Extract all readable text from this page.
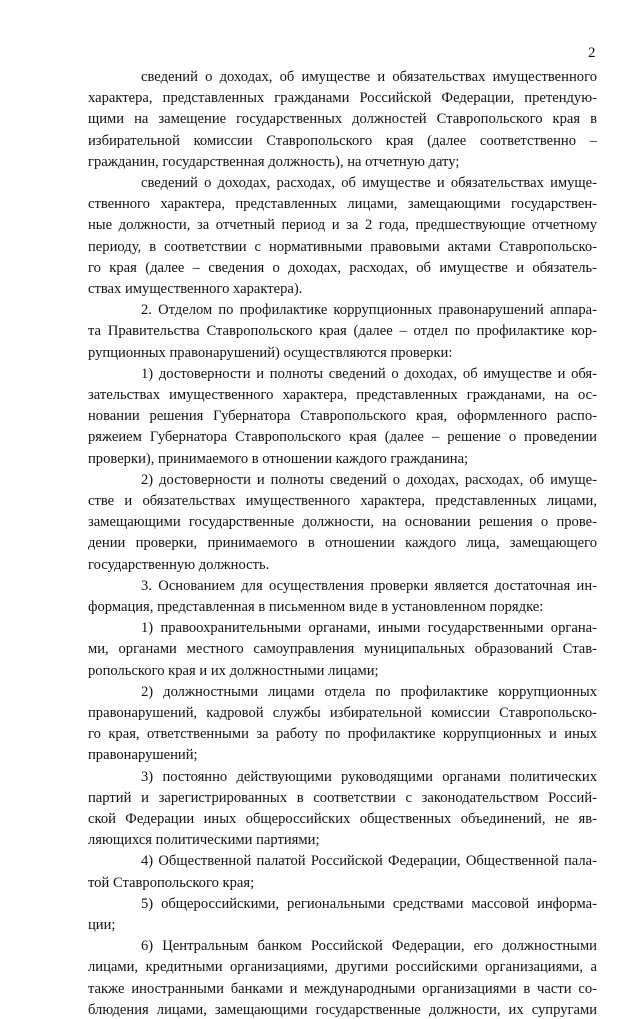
2
сведений о доходах, об имуществе и обязательствах имущественного
характера, представленных гражданами Российской Федерации, претендую-
щими на замещение государственных должностей Ставропольского края в
избирательной комиссии Ставропольского края (далее соответственно –
гражданин, государственная должность), на отчетную дату;
сведений о доходах, расходах, об имуществе и обязательствах имуще-
ственного характера, представленных лицами, замещающими государствен-
ные должности, за отчетный период и за 2 года, предшествующие отчетному
периоду, в соответствии с нормативными правовыми актами Ставропольско-
го края (далее – сведения о доходах, расходах, об имуществе и обязатель-
ствах имущественного характера).
2. Отделом по профилактике коррупционных правонарушений аппара-
та Правительства Ставропольского края (далее – отдел по профилактике кор-
рупционных правонарушений) осуществляются проверки:
1) достоверности и полноты сведений о доходах, об имуществе и обя-
зательствах имущественного характера, представленных гражданами, на ос-
новании решения Губернатора Ставропольского края, оформленного распо-
ряжеием Губернатора Ставропольского края (далее – решение о проведении
проверки), принимаемого в отношении каждого гражданина;
2) достоверности и полноты сведений о доходах, расходах, об имуще-
стве и обязательствах имущественного характера, представленных лицами,
замещающими государственные должности, на основании решения о прове-
дении проверки, принимаемого в отношении каждого лица, замещающего
государственную должность.
3. Основанием для осуществления проверки является достаточная ин-
формация, представленная в письменном виде в установленном порядке:
1) правоохранительными органами, иными государственными органа-
ми, органами местного самоуправления муниципальных образований Став-
ропольского края и их должностными лицами;
2) должностными лицами отдела по профилактике коррупционных
правонарушений, кадровой службы избирательной комиссии Ставропольско-
го края, ответственными за работу по профилактике коррупционных и иных
правонарушений;
3) постоянно действующими руководящими органами политических
партий и зарегистрированных в соответствии с законодательством Россий-
ской Федерации иных общероссийских общественных объединений, не яв-
ляющихся политическими партиями;
4) Общественной палатой Российской Федерации, Общественной пала-
той Ставропольского края;
5) общероссийскими, региональными средствами массовой информа-
ции;
6) Центральным банком Российской Федерации, его должностными
лицами, кредитными организациями, другими российскими организациями, а
также иностранными банками и международными организациями в части со-
блюдения лицами, замещающими государственные должности, их супругами
